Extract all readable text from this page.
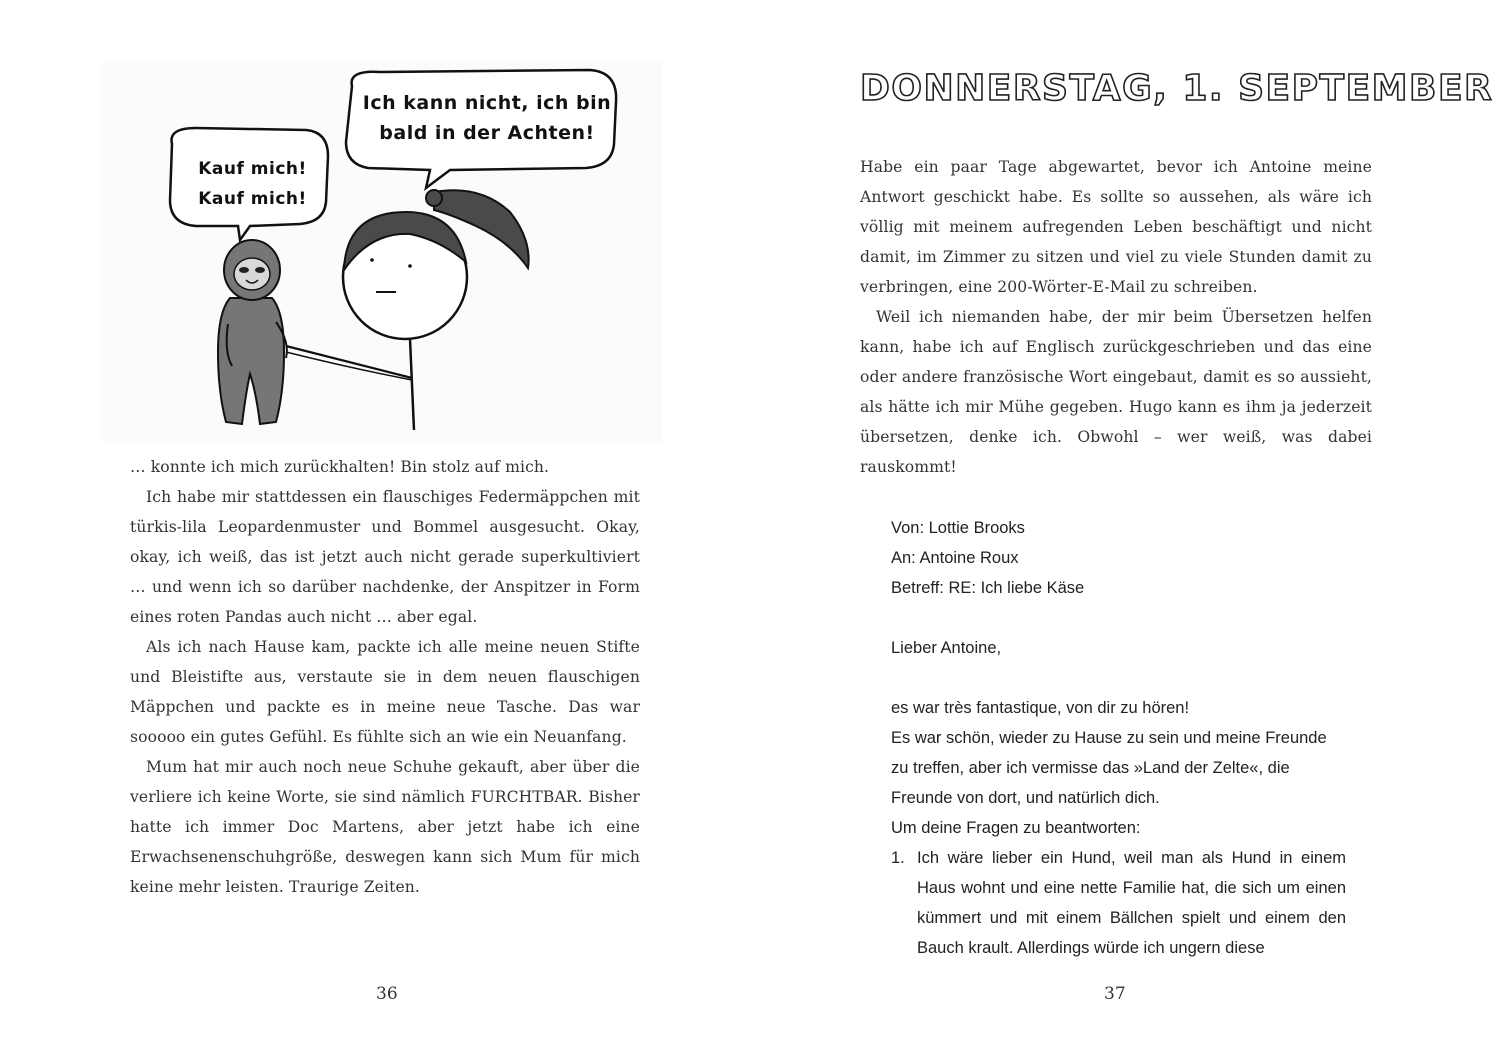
Ich kann nicht, ich bin
bald in der Achten!
Kauf mich!
Kauf mich!

… konnte ich mich zurückhalten! Bin stolz auf mich.

Ich habe mir stattdessen ein flauschiges Federmäppchen mit türkis-lila Leopardenmuster und Bommel ausgesucht. Okay, okay, ich weiß, das ist jetzt auch nicht gerade superkultiviert … und wenn ich so darüber nachdenke, der Anspitzer in Form eines roten Pandas auch nicht … aber egal.

Als ich nach Hause kam, packte ich alle meine neuen Stifte und Bleistifte aus, verstaute sie in dem neuen flauschigen Mäppchen und packte es in meine neue Tasche. Das war sooooo ein gutes Gefühl. Es fühlte sich an wie ein Neuanfang.

Mum hat mir auch noch neue Schuhe gekauft, aber über die verliere ich keine Worte, sie sind nämlich FURCHTBAR. Bisher hatte ich immer Doc Martens, aber jetzt habe ich eine Erwachsenenschuhgröße, deswegen kann sich Mum für mich keine mehr leisten. Traurige Zeiten.

36
DONNERSTAG, 1. SEPTEMBER

Habe ein paar Tage abgewartet, bevor ich Antoine meine Antwort geschickt habe. Es sollte so aussehen, als wäre ich völlig mit meinem aufregenden Leben beschäftigt und nicht damit, im Zimmer zu sitzen und viel zu viele Stunden damit zu verbringen, eine 200-Wörter-E-Mail zu schreiben.

Weil ich niemanden habe, der mir beim Übersetzen helfen kann, habe ich auf Englisch zurückgeschrieben und das eine oder andere französische Wort eingebaut, damit es so aussieht, als hätte ich mir Mühe gegeben. Hugo kann es ihm ja jederzeit übersetzen, denke ich. Obwohl – wer weiß, was dabei rauskommt!

Von: Lottie Brooks
An: Antoine Roux
Betreff: RE: Ich liebe Käse
Lieber Antoine,
es war très fantastique, von dir zu hören!
Es war schön, wieder zu Hause zu sein und meine Freunde zu treffen, aber ich vermisse das »Land der Zelte«, die Freunde von dort, und natürlich dich.
Um deine Fragen zu beantworten:
1. Ich wäre lieber ein Hund, weil man als Hund in einem Haus wohnt und eine nette Familie hat, die sich um einen kümmert und mit einem Bällchen spielt und einem den Bauch krault. Allerdings würde ich ungern diese
37
